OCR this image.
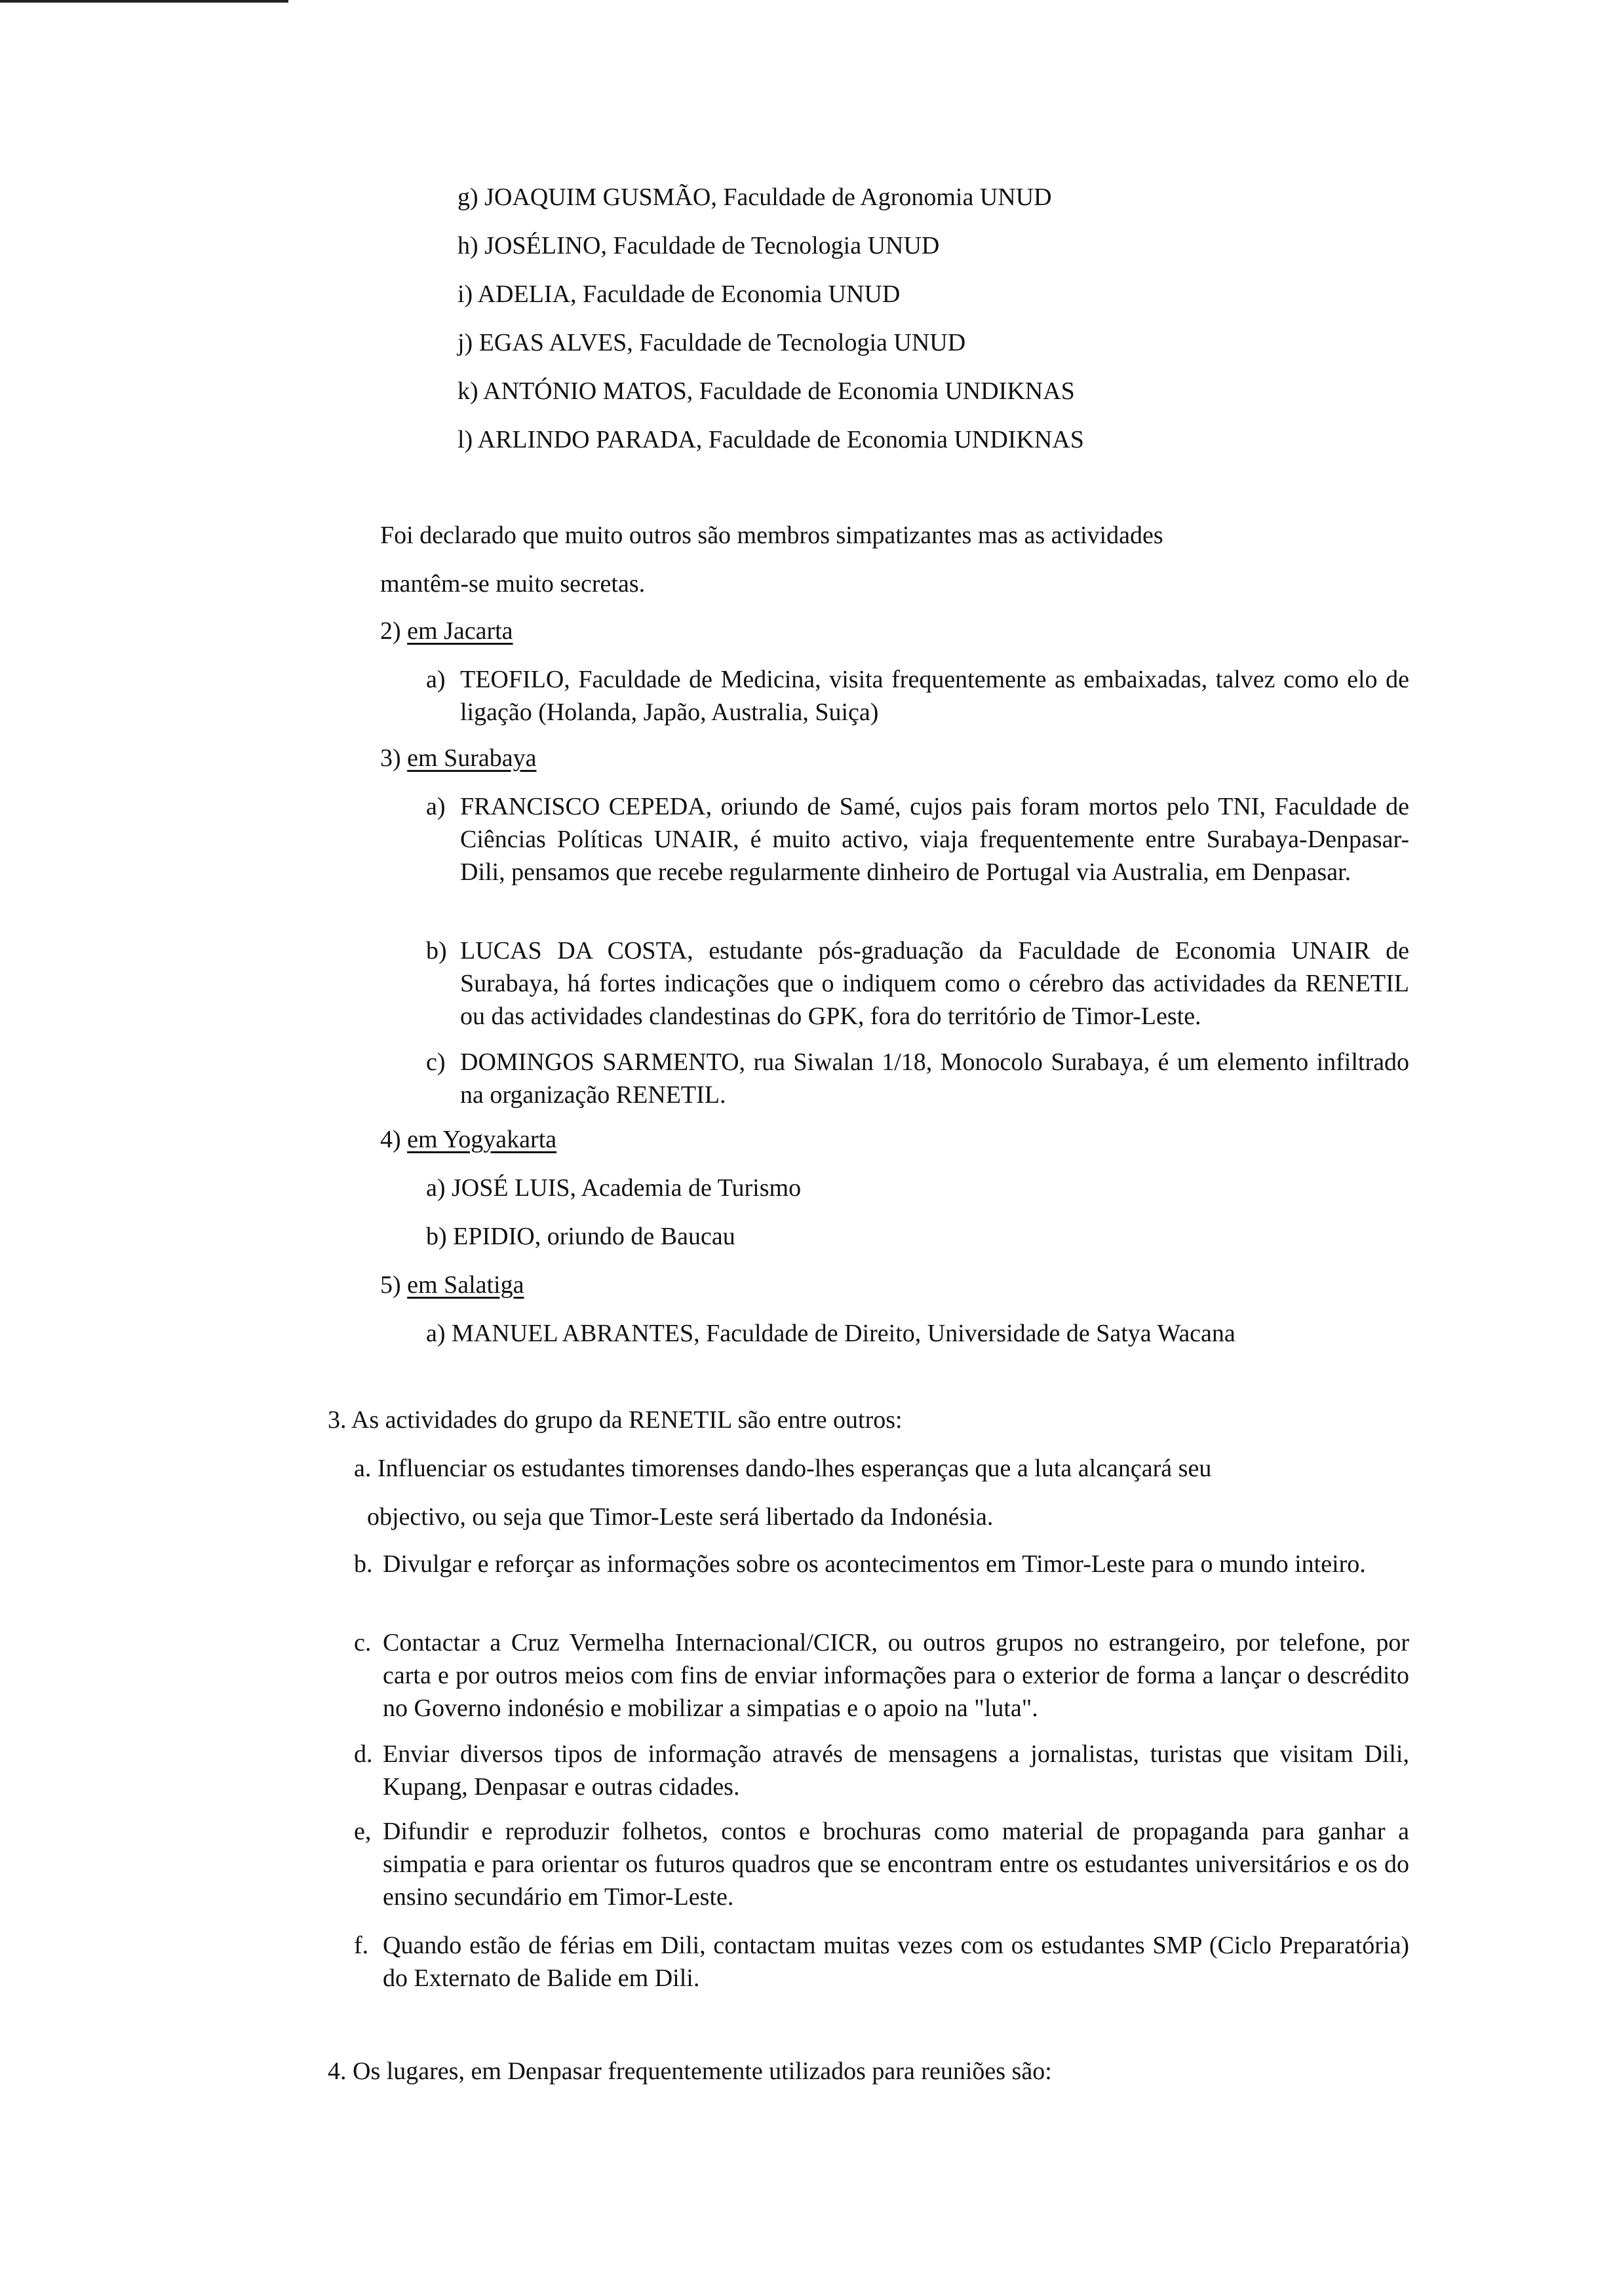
g) JOAQUIM GUSMÃO, Faculdade de Agronomia UNUD
h) JOSÉLINO, Faculdade de Tecnologia UNUD
i) ADELIA, Faculdade de Economia UNUD
j) EGAS ALVES, Faculdade de Tecnologia UNUD
k) ANTÓNIO MATOS, Faculdade de Economia UNDIKNAS
l) ARLINDO PARADA, Faculdade de Economia UNDIKNAS
Foi declarado que muito outros são membros simpatizantes mas as actividades
mantêm-se muito secretas.
2) em Jacarta
a) TEOFILO, Faculdade de Medicina, visita frequentemente as embaixadas, talvez como elo de ligação (Holanda, Japão, Australia, Suiça)
3) em Surabaya
a) FRANCISCO CEPEDA, oriundo de Samé, cujos pais foram mortos pelo TNI, Faculdade de Ciências Políticas UNAIR, é muito activo, viaja frequentemente entre Surabaya-Denpasar-Dili, pensamos que recebe regularmente dinheiro de Portugal via Australia, em Denpasar.
b) LUCAS DA COSTA, estudante pós-graduação da Faculdade de Economia UNAIR de Surabaya, há fortes indicações que o indiquem como o cérebro das actividades da RENETIL ou das actividades clandestinas do GPK, fora do território de Timor-Leste.
c) DOMINGOS SARMENTO, rua Siwalan 1/18, Monocolo Surabaya, é um elemento infiltrado na organização RENETIL.
4) em Yogyakarta
a) JOSÉ LUIS, Academia de Turismo
b) EPIDIO, oriundo de Baucau
5) em Salatiga
a) MANUEL ABRANTES, Faculdade de Direito, Universidade de Satya Wacana
3. As actividades do grupo da RENETIL são entre outros:
a. Influenciar os estudantes timorenses dando-lhes esperanças que a luta alcançará seu
objectivo, ou seja que Timor-Leste será libertado da Indonésia.
b. Divulgar e reforçar as informações sobre os acontecimentos em Timor-Leste para o mundo inteiro.
c. Contactar a Cruz Vermelha Internacional/CICR, ou outros grupos no estrangeiro, por telefone, por carta e por outros meios com fins de enviar informações para o exterior de forma a lançar o descrédito no Governo indonésio e mobilizar a simpatias e o apoio na "luta".
d. Enviar diversos tipos de informação através de mensagens a jornalistas, turistas que visitam Dili, Kupang, Denpasar e outras cidades.
e, Difundir e reproduzir folhetos, contos e brochuras como material de propaganda para ganhar a simpatia e para orientar os futuros quadros que se encontram entre os estudantes universitários e os do ensino secundário em Timor-Leste.
f. Quando estão de férias em Dili, contactam muitas vezes com os estudantes SMP (Ciclo Preparatória) do Externato de Balide em Dili.
4. Os lugares, em Denpasar frequentemente utilizados para reuniões são:
